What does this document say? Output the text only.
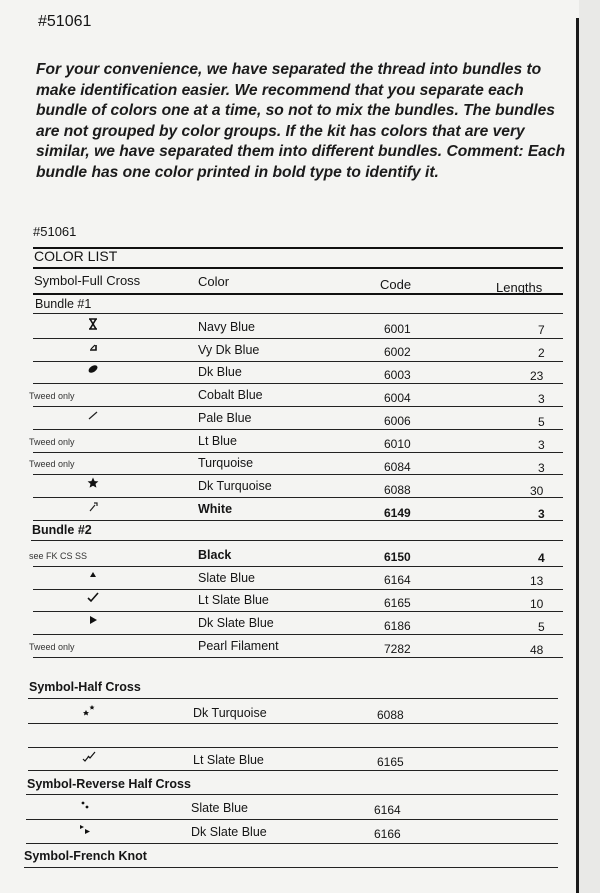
#51061

For your convenience, we have separated the thread into bundles to make identification easier. We recommend that you separate each bundle of colors one at a time, so not to mix the bundles. The bundles are not grouped by color groups. If the kit has colors that are very similar, we have separated them into different bundles. Comment: Each bundle has one color printed in bold type to identify it.

#51061
COLOR LIST
Symbol-Full Cross	Color	Code	Lengths
Bundle #1
Navy Blue	6001	7
Vy Dk Blue	6002	2
Dk Blue	6003	23
Tweed only	Cobalt Blue	6004	3
Pale Blue	6006	5
Tweed only	Lt Blue	6010	3
Tweed only	Turquoise	6084	3
Dk Turquoise	6088	30
White	6149	3
Bundle #2
see FK CS SS	Black	6150	4
Slate Blue	6164	13
Lt Slate Blue	6165	10
Dk Slate Blue	6186	5
Tweed only	Pearl Filament	7282	48
Symbol-Half Cross
Dk Turquoise	6088
Lt Slate Blue	6165
Symbol-Reverse Half Cross
Slate Blue	6164
Dk Slate Blue	6166
Symbol-French Knot
